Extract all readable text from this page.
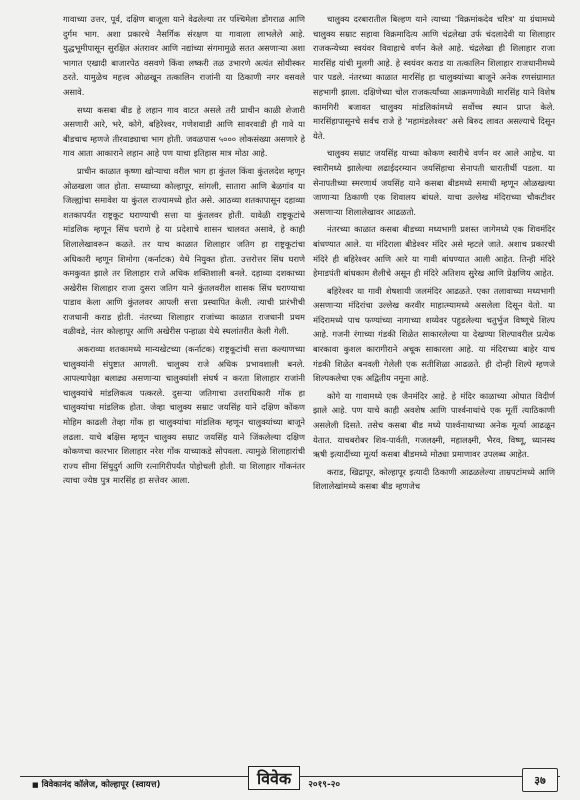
गावाच्या उत्तर, पूर्व, दक्षिण बाजूला याने वेढलेल्या तर पश्चिमेला डोंगराळ आणि दुर्गम भाग. अशा प्रकारचे नैसर्गिक संरक्षण या गावाला लाभलेले आहे. युद्धभूमीपासून सुरक्षित अंतरावर आणि नद्यांच्या संगमामुळे सतत असणाऱ्या अशा भागात एखादी बाजारपेठ वसवणे किंवा लष्करी तळ उभारणे अत्यंत सोयीस्कर ठरते. यामुळेच महत्त्व ओळखून तत्कालिन राजांनी या ठिकाणी नगर वसवले असावे.

सध्या कसबा बीड हे लहान गाव वाटत असले तरी प्राचीन काळी शेजारी असणारी आरे, भरे, कोगे, बहिरेश्वर, गणेशवाडी आणि सावरवाडी ही गावे या बीडचाच म्हणजे तीरवाड्याचा भाग होती. जवळपास ५००० लोकसंख्या असणारे हे गाव आता आकाराने लहान आहे पण याचा इतिहास मात्र मोठा आहे.

प्राचीन काळात कृष्णा खोऱ्याचा वरील भाग हा कुंतल किंवा कुंतलदेश म्हणून ओळखला जात होता. सध्याच्या कोल्हापूर, सांगली, सातारा आणि बेळगांव या जिल्ह्यांचा समावेश या कुंतल राज्यामध्ये होत असे. आठव्या शतकापासून दहाव्या शतकापर्यंत राष्ट्रकूट घराण्याची सत्ता या कुंतलवर होती. यावेळी राष्ट्रकूटांचे मांडलिक म्हणून सिंध घराणे हे या प्रदेशाचे शासन चालवत असावे, हे काही शिलालेखावरून कळते. तर याच काळात शिलाहार जतिग हा राष्ट्रकूटांचा अधिकारी म्हणून शिमोगा (कर्नाटक) येथे नियुक्त होता. उत्तरोत्तर सिंध घराणे कमकुवत झाले तर शिलाहार राजे अधिक शक्तिशाली बनले. दहाव्या दशकाच्या अखेरीस शिलाहार राजा दुसरा जतिग याने कुंतलवरील शासक सिंध घराण्याचा पाडाव केला आणि कुंतलवर आपली सत्ता प्रस्थापित केली. त्याची प्रारंभीची राजधानी कराड होती. नंतरच्या शिलाहार राजांच्या काळात राजधानी प्रथम वळीवडे, नंतर कोल्हापूर आणि अखेरीस पन्हाळा येथे स्थलांतरीत केली गेली.

अकराव्या शतकामध्ये मान्यखेटच्या (कर्नाटक) राष्ट्रकूटांची सत्ता कल्याणच्या चालुक्यांनी संपुष्टात आणली. चालुक्य राजे अधिक प्रभावशाली बनले. आपल्यापेक्षा बलाढ्य असणाऱ्या चालुक्यांशी संघर्ष न करता शिलाहार राजांनी चालुक्यांचे मांडलिकत्व पत्करले. दुसऱ्या जतिगाचा उत्तराधिकारी गोंक हा चालुक्यांचा मांडलिक होता. जेव्हा चालुक्य सम्राट जयसिंह याने दक्षिण कोंकण मोहिम काढली तेव्हा गोंक हा चालुक्यांचा मांडलिक म्हणून चालुक्यांच्या बाजूने लढला. याचे बक्षिस म्हणून चालुक्य सम्राट जयसिंह याने जिंकलेल्या दक्षिण कोकणचा कारभार शिलाहार नरेश गोंक याच्याकडे सोपवला. त्यामुळे शिलाहारांची राज्य सीमा सिंधुदुर्ग आणि रत्नागिरीपर्यंत पोहोचली होती. या शिलाहार गोंकनंतर त्याचा ज्येष्ठ पुत्र मारसिंह हा सत्तेवर आला.

चालुक्य दरबारातील बिल्हण याने त्याच्या 'विक्रमांकदेव चरित्र' या ग्रंथामध्ये चालुक्य सम्राट सहावा विक्रमादित्य आणि चंद्रलेखा उर्फ चंदलादेवी या शिलाहार राजकन्येच्या स्वयंवर विवाहाचे वर्णन केले आहे. चंद्रलेखा ही शिलाहार राजा मारसिंह यांची मुलगी आहे. हे स्वयंवर कराड या तत्कालिन शिलाहार राजधानीमध्ये पार पडले. नंतरच्या काळात मारसिंह हा चालुक्यांच्या बाजूने अनेक रणसंग्रामात सहभागी झाला. दक्षिणेच्या चोल राजकर्त्यांच्या आक्रमणावेळी मारसिंह याने विशेष कामगिरी बजावत चालुक्य मांडलिकांमध्ये सर्वोच्च स्थान प्राप्त केले. मारसिंहापासूनचे सर्वच राजे हे 'महामंडलेश्वर' असे बिरुद लावत असल्याचे दिसून येते.

चालुक्य सम्राट जयसिंह याच्या कोकण स्वारीचे वर्णन वर आले आहेच. या स्वारीमध्ये झालेल्या लढाईदरम्यान जयसिंहाचा सेनापती धारातीर्थी पडला. या सेनापतीच्या स्मरणार्थ जयसिंह याने कसबा बीडमध्ये समाधी म्हणून ओळखल्या जाणाऱ्या ठिकाणी एक शिवालय बांधले. याचा उल्लेख मंदिराच्या चौकटीवर असणाऱ्या शिलालेखावर आढळतो.

नंतरच्या काळात कसबा बीडच्या मध्यभागी प्रशस्त जागेमध्ये एक शिवमंदिर बांधण्यात आले. या मंदिराला बीडेश्वर मंदिर असे म्हटले जाते. अशाच प्रकारची मंदिरे ही बहिरेश्वर आणि आरे या गावी बांधण्यात आली आहेत. तिन्ही मंदिरे हेमाडपंती बांधकाम शैलीचे असून ही मंदिरे अतिशय सुरेख आणि प्रेक्षणिय आहेत.

बहिरेश्वर या गावी शेषशायी जलमंदिर आढळते. एका तलावाच्या मध्यभागी असणाऱ्या मंदिरांचा उल्लेख करवीर माहात्म्यामध्ये असलेला दिसून येतो. या मंदिरामध्ये पाच फण्यांच्या नागाच्या शय्येवर पहुडलेल्या चतुर्भुज विष्णूचे शिल्प आहे. गजनी रंगाच्या गंडकी शिळेत साकारलेल्या या देखण्या शिल्पावरील प्रत्येक बारकावा कुशल कारागीराने अचूक साकारला आहे. या मंदिराच्या बाहेर याच गंडकी शिळेत बनवली गेलेली एक सतीशिळा आढळते. ही दोन्ही शिल्पे म्हणजे शिल्पकलेचा एक अद्वितीय नमूना आहे.

कोगे या गावामध्ये एक जैनमंदिर आहे. हे मंदिर काळाच्या ओघात विदीर्ण झाले आहे. पण याचे काही अवशेष आणि पार्श्वनाथांचे एक मूर्ती त्याठिकाणी असलेली दिसते. तसेच कसबा बीड मध्ये पार्श्वनाथाच्या अनेक मूर्त्या आढळून येतात. याचबरोबर शिव-पार्वती, गजलक्ष्मी, महालक्ष्मी, भैरव, विष्णू, ध्यानस्थ ऋषी इत्यादींच्या मूर्त्या कसबा बीडमध्ये मोठ्या प्रमाणावर उपलब्ध आहेत.

कराड, खिद्रापूर, कोल्हापूर इत्यादी ठिकाणी आढळलेल्या ताम्रपटांमध्ये आणि शिलालेखांमध्ये कसबा बीड म्हणजेच

■ विवेकानंद कॉलेज, कोल्हापूर (स्वायत्त)	विवेक	२०१९-२०	३७
